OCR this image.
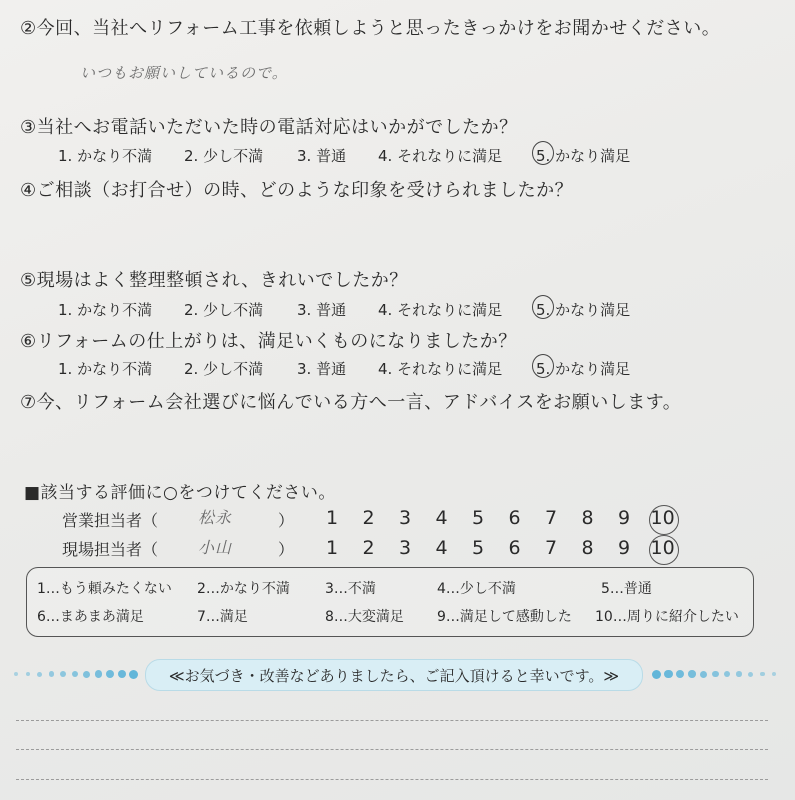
②今回、当社へリフォーム工事を依頼しようと思ったきっかけをお聞かせください。
いつもお願いしているので。
③当社へお電話いただいた時の電話対応はいかがでしたか？
1. かなり不満 2. 少し不満 3. 普通 4. それなりに満足 5. かなり満足
④ご相談（お打合せ）の時、どのような印象を受けられましたか？
⑤現場はよく整理整頓され、きれいでしたか？
1. かなり不満 2. 少し不満 3. 普通 4. それなりに満足 5. かなり満足
⑥リフォームの仕上がりは、満足いくものになりましたか？
1. かなり不満 2. 少し不満 3. 普通 4. それなりに満足 5. かなり満足
⑦今、リフォーム会社選びに悩んでいる方へ一言、アドバイスをお願いします。
■該当する評価に○をつけてください。
営業担当者（ 松永	） 1 2 3 4 5 6 7 8 9 10
現場担当者（ 小山	） 1 2 3 4 5 6 7 8 9 10
1…もう頼みたくない 2…かなり不満	3…不満	4…少し不満	5…普通
6…まあまあ満足	7…満足	8…大変満足 9…満足して感動した 10…周りに紹介したい
≪お気づき・改善などありましたら、ご記入頂けると幸いです。≫
